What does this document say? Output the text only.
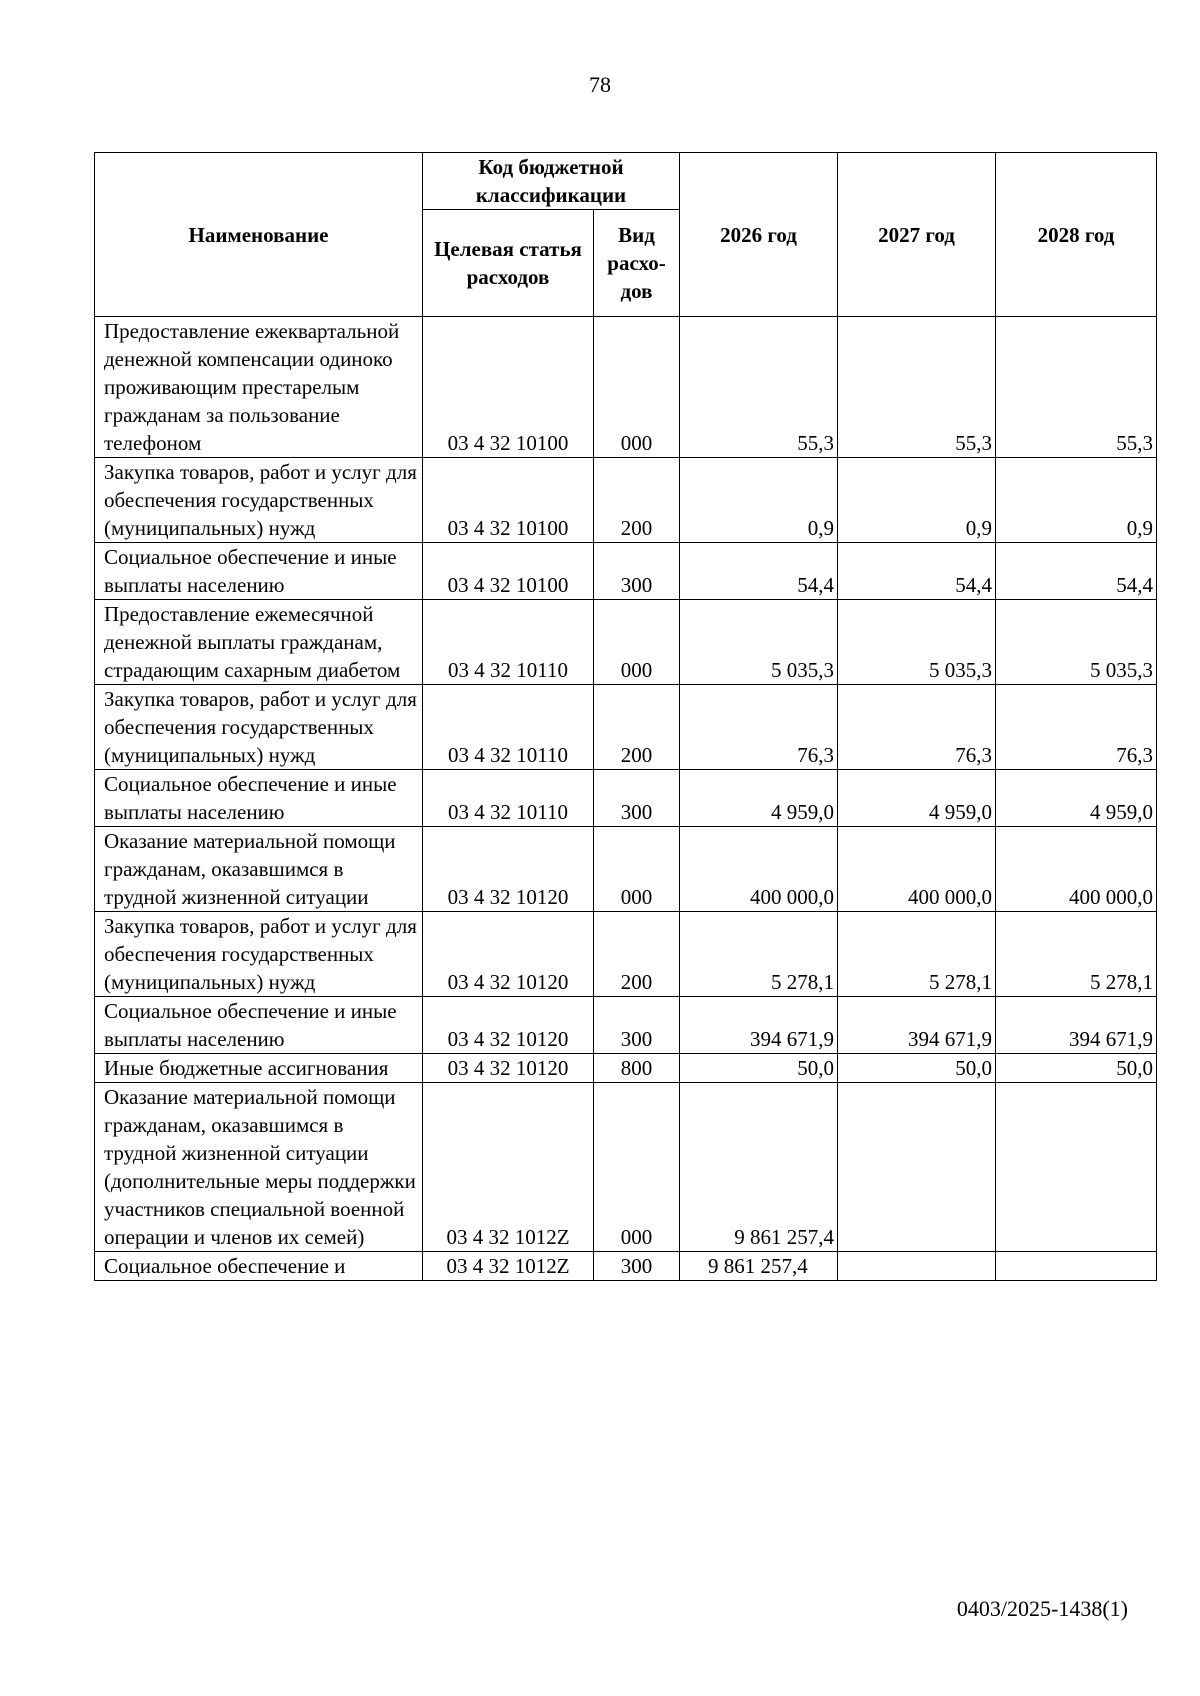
78
Наименование	Код бюджетной классификации		2026 год	2027 год	2028 год
	Целевая статья расходов	Вид расхо-дов			
Предоставление ежеквартальной денежной компенсации одиноко проживающим престарелым гражданам за пользование телефоном	03 4 32 10100	000	55,3	55,3	55,3
Закупка товаров, работ и услуг для обеспечения государственных (муниципальных) нужд	03 4 32 10100	200	0,9	0,9	0,9
Социальное обеспечение и иные выплаты населению	03 4 32 10100	300	54,4	54,4	54,4
Предоставление ежемесячной денежной выплаты гражданам, страдающим сахарным диабетом	03 4 32 10110	000	5 035,3	5 035,3	5 035,3
Закупка товаров, работ и услуг для обеспечения государственных (муниципальных) нужд	03 4 32 10110	200	76,3	76,3	76,3
Социальное обеспечение и иные выплаты населению	03 4 32 10110	300	4 959,0	4 959,0	4 959,0
Оказание материальной помощи гражданам, оказавшимся в трудной жизненной ситуации	03 4 32 10120	000	400 000,0	400 000,0	400 000,0
Закупка товаров, работ и услуг для обеспечения государственных (муниципальных) нужд	03 4 32 10120	200	5 278,1	5 278,1	5 278,1
Социальное обеспечение и иные выплаты населению	03 4 32 10120	300	394 671,9	394 671,9	394 671,9
Иные бюджетные ассигнования	03 4 32 10120	800	50,0	50,0	50,0
Оказание материальной помощи гражданам, оказавшимся в трудной жизненной ситуации (дополнительные меры поддержки участников специальной военной операции и членов их семей)	03 4 32 1012Z	000	9 861 257,4		
Социальное обеспечение и	03 4 32 1012Z	300	9 861 257,4		
0403/2025-1438(1)
